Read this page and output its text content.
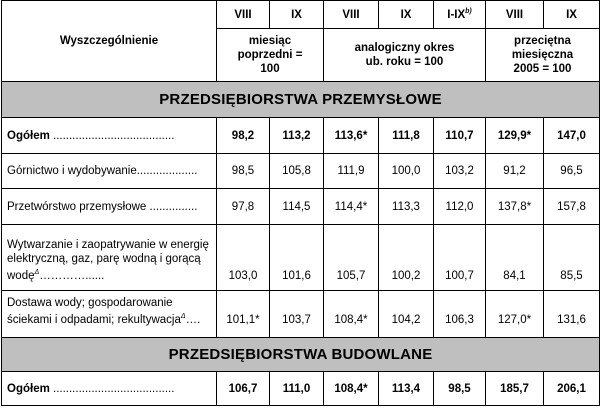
Wyszczególnienie	VIII	IX	VIII	IX	I-IX$^{b)}$	VIII	IX
	miesiąc poprzedni = 100		analogiczny okres ub. roku = 100			przeciętna miesięczna 2005 = 100	
PRZEDSIĘBIORSTWA PRZEMYSŁOWE							
Ogółem ......................................	98,2	113,2	113,6*	111,8	110,7	129,9*	147,0
Górnictwo i wydobywanie...................	98,5	105,8	111,9	100,0	103,2	91,2	96,5
Przetwórstwo przemysłowe ...............	97,8	114,5	114,4*	113,3	112,0	137,8*	157,8
Wytwarzanie i zaopatrywanie w energię elektryczną, gaz, parę wodną i gorącą wodę$^\Delta$…………......	103,0	101,6	105,7	100,2	100,7	84,1	85,5
Dostawa wody; gospodarowanie ściekami i odpadami; rekultywacja$^\Delta$….	101,1*	103,7	108,4*	104,2	106,3	127,0*	131,6
PRZEDSIĘBIORSTWA BUDOWLANE							
Ogółem ......................................	106,7	111,0	108,4*	113,4	98,5	185,7	206,1
